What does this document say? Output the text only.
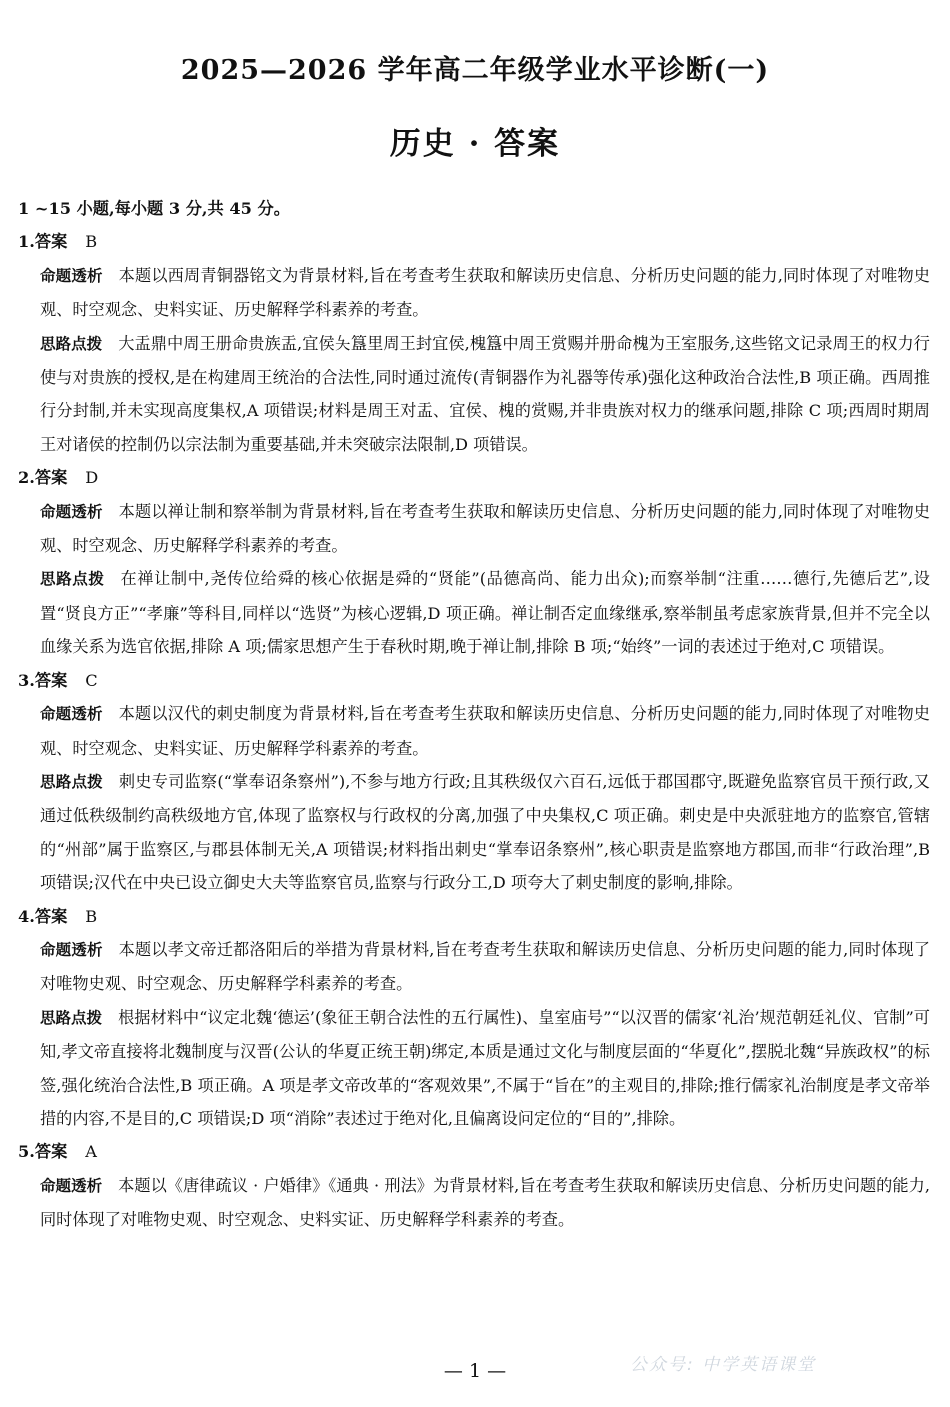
2025—2026 学年高二年级学业水平诊断(一)
历史 · 答案

1 ~15 小题,每小题 3 分,共 45 分。

1.答案 B

命题透析 本题以西周青铜器铭文为背景材料,旨在考查考生获取和解读历史信息、分析历史问题的能力,同时体现了对唯物史观、时空观念、史料实证、历史解释学科素养的考查。

思路点拨 大盂鼎中周王册命贵族盂,宜侯夨簋里周王封宜侯,槐簋中周王赏赐并册命槐为王室服务,这些铭文记录周王的权力行使与对贵族的授权,是在构建周王统治的合法性,同时通过流传(青铜器作为礼器等传承)强化这种政治合法性,B 项正确。西周推行分封制,并未实现高度集权,A 项错误;材料是周王对盂、宜侯、槐的赏赐,并非贵族对权力的继承问题,排除 C 项;西周时期周王对诸侯的控制仍以宗法制为重要基础,并未突破宗法限制,D 项错误。

2.答案 D

命题透析 本题以禅让制和察举制为背景材料,旨在考查考生获取和解读历史信息、分析历史问题的能力,同时体现了对唯物史观、时空观念、历史解释学科素养的考查。

思路点拨 在禅让制中,尧传位给舜的核心依据是舜的“贤能”(品德高尚、能力出众);而察举制“注重……德行,先德后艺”,设置“贤良方正”“孝廉”等科目,同样以“选贤”为核心逻辑,D 项正确。禅让制否定血缘继承,察举制虽考虑家族背景,但并不完全以血缘关系为选官依据,排除 A 项;儒家思想产生于春秋时期,晚于禅让制,排除 B 项;“始终”一词的表述过于绝对,C 项错误。

3.答案 C

命题透析 本题以汉代的刺史制度为背景材料,旨在考查考生获取和解读历史信息、分析历史问题的能力,同时体现了对唯物史观、时空观念、史料实证、历史解释学科素养的考查。

思路点拨 刺史专司监察(“掌奉诏条察州”),不参与地方行政;且其秩级仅六百石,远低于郡国郡守,既避免监察官员干预行政,又通过低秩级制约高秩级地方官,体现了监察权与行政权的分离,加强了中央集权,C 项正确。刺史是中央派驻地方的监察官,管辖的“州部”属于监察区,与郡县体制无关,A 项错误;材料指出刺史“掌奉诏条察州”,核心职责是监察地方郡国,而非“行政治理”,B 项错误;汉代在中央已设立御史大夫等监察官员,监察与行政分工,D 项夸大了刺史制度的影响,排除。

4.答案 B

命题透析 本题以孝文帝迁都洛阳后的举措为背景材料,旨在考查考生获取和解读历史信息、分析历史问题的能力,同时体现了对唯物史观、时空观念、历史解释学科素养的考查。

思路点拨 根据材料中“议定北魏‘德运’(象征王朝合法性的五行属性)、皇室庙号”“以汉晋的儒家‘礼治’规范朝廷礼仪、官制”可知,孝文帝直接将北魏制度与汉晋(公认的华夏正统王朝)绑定,本质是通过文化与制度层面的“华夏化”,摆脱北魏“异族政权”的标签,强化统治合法性,B 项正确。A 项是孝文帝改革的“客观效果”,不属于“旨在”的主观目的,排除;推行儒家礼治制度是孝文帝举措的内容,不是目的,C 项错误;D 项“消除”表述过于绝对化,且偏离设问定位的“目的”,排除。

5.答案 A

命题透析 本题以《唐律疏议 · 户婚律》《通典 · 刑法》为背景材料,旨在考查考生获取和解读历史信息、分析历史问题的能力,同时体现了对唯物史观、时空观念、史料实证、历史解释学科素养的考查。

公众号: 中学英语课堂
— 1 —
